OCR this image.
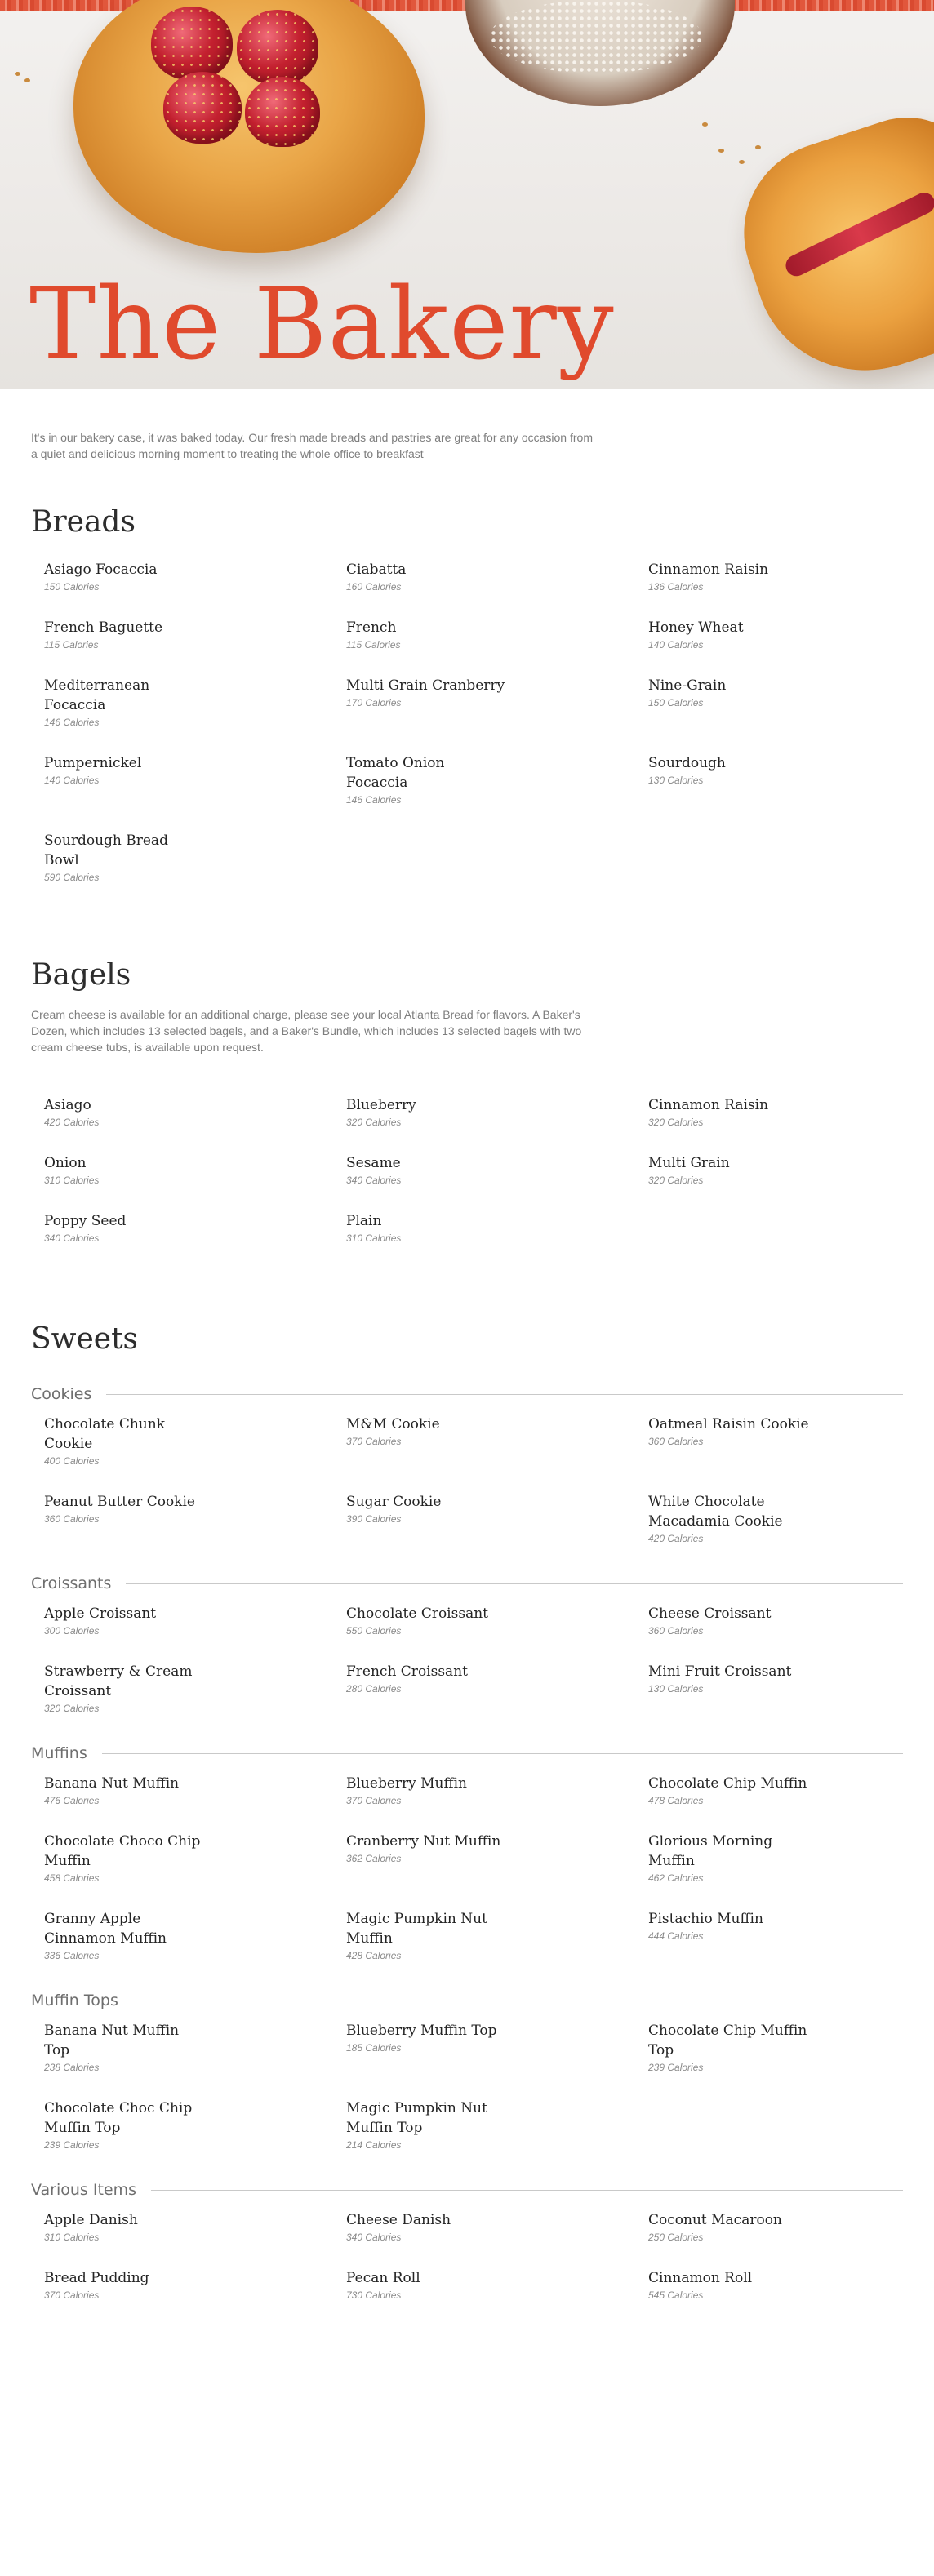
The Bakery

It's in our bakery case, it was baked today. Our fresh made breads and pastries are great for any occasion from a quiet and delicious morning moment to treating the whole office to breakfast

Breads
Asiago Focaccia
150 Calories
Ciabatta
160 Calories
Cinnamon Raisin
136 Calories
French Baguette
115 Calories
French
115 Calories
Honey Wheat
140 Calories
Mediterranean Focaccia
146 Calories
Multi Grain Cranberry
170 Calories
Nine-Grain
150 Calories
Pumpernickel
140 Calories
Tomato Onion Focaccia
146 Calories
Sourdough
130 Calories
Sourdough Bread Bowl
590 Calories
Bagels

Cream cheese is available for an additional charge, please see your local Atlanta Bread for flavors. A Baker's Dozen, which includes 13 selected bagels, and a Baker's Bundle, which includes 13 selected bagels with two cream cheese tubs, is available upon request.

Asiago
420 Calories
Blueberry
320 Calories
Cinnamon Raisin
320 Calories
Onion
310 Calories
Sesame
340 Calories
Multi Grain
320 Calories
Poppy Seed
340 Calories
Plain
310 Calories
Sweets
Cookies
Chocolate Chunk Cookie
400 Calories
M&M Cookie
370 Calories
Oatmeal Raisin Cookie
360 Calories
Peanut Butter Cookie
360 Calories
Sugar Cookie
390 Calories
White Chocolate Macadamia Cookie
420 Calories
Croissants
Apple Croissant
300 Calories
Chocolate Croissant
550 Calories
Cheese Croissant
360 Calories
Strawberry & Cream Croissant
320 Calories
French Croissant
280 Calories
Mini Fruit Croissant
130 Calories
Muffins
Banana Nut Muffin
476 Calories
Blueberry Muffin
370 Calories
Chocolate Chip Muffin
478 Calories
Chocolate Choco Chip Muffin
458 Calories
Cranberry Nut Muffin
362 Calories
Glorious Morning Muffin
462 Calories
Granny Apple Cinnamon Muffin
336 Calories
Magic Pumpkin Nut Muffin
428 Calories
Pistachio Muffin
444 Calories
Muffin Tops
Banana Nut Muffin Top
238 Calories
Blueberry Muffin Top
185 Calories
Chocolate Chip Muffin Top
239 Calories
Chocolate Choc Chip Muffin Top
239 Calories
Magic Pumpkin Nut Muffin Top
214 Calories
Various Items
Apple Danish
310 Calories
Cheese Danish
340 Calories
Coconut Macaroon
250 Calories
Bread Pudding
370 Calories
Pecan Roll
730 Calories
Cinnamon Roll
545 Calories
